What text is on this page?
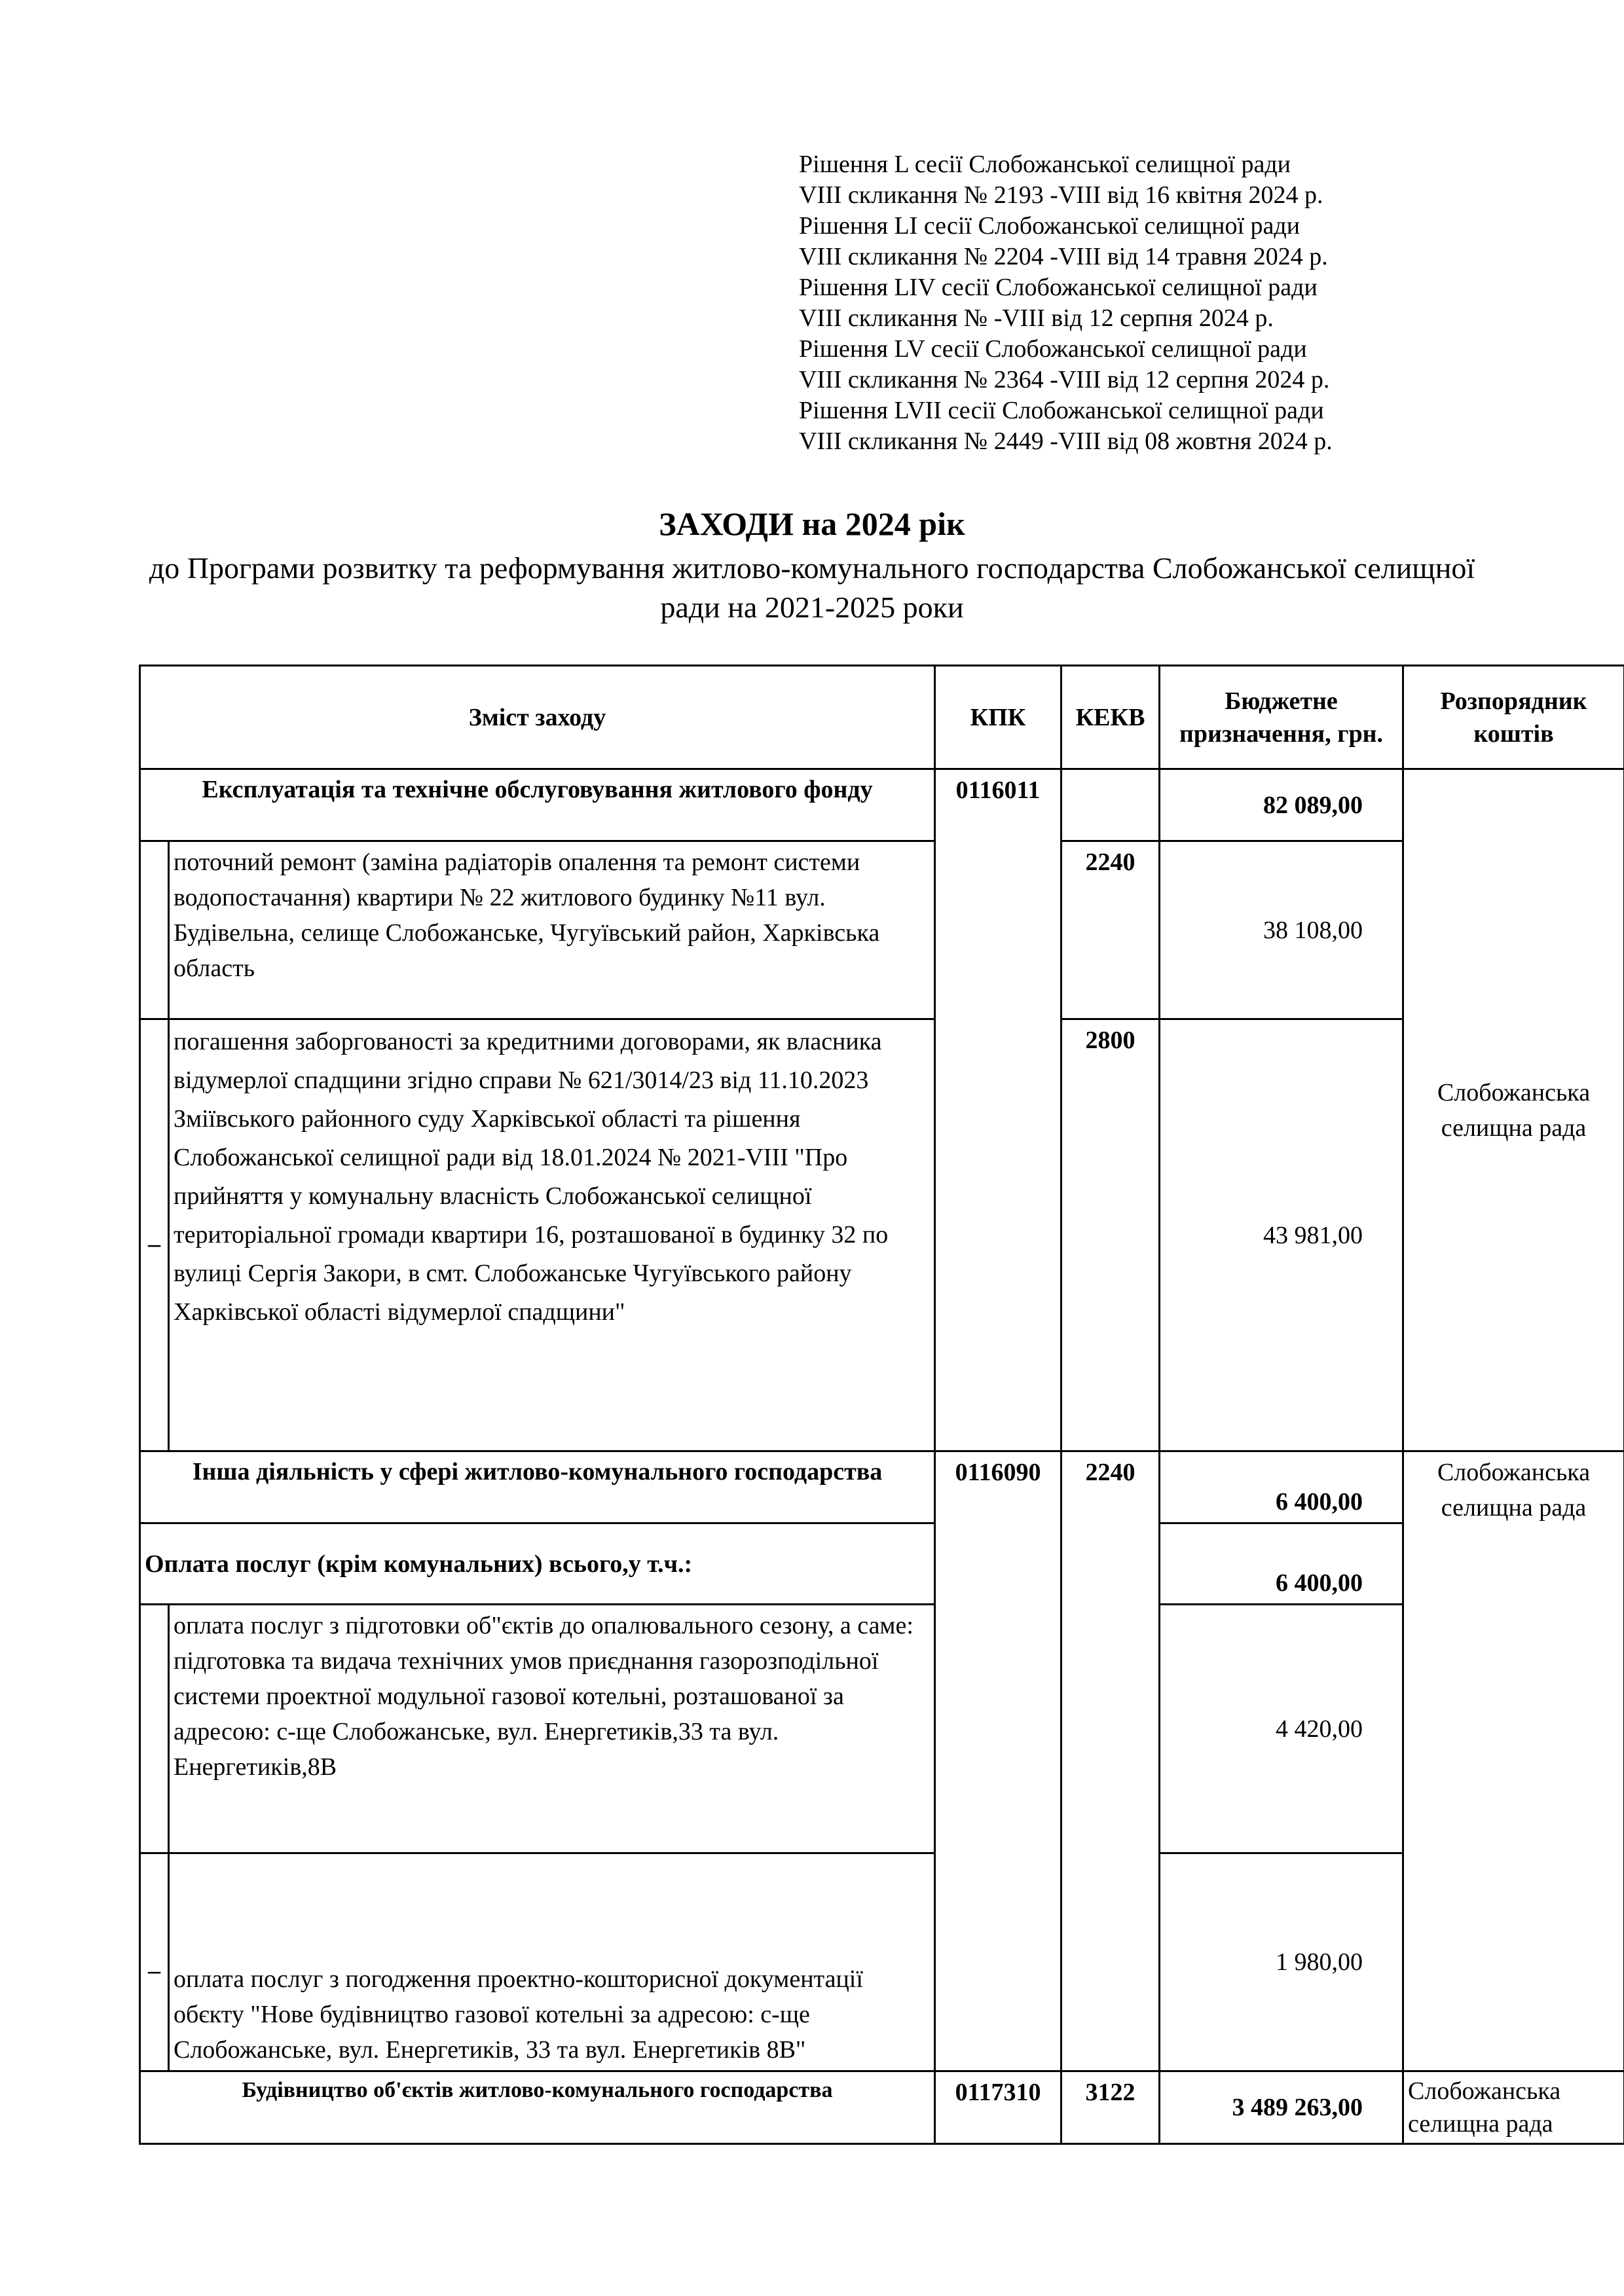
Рішення L сесії Слобожанської селищної ради
VIII скликання № 2193 -VIII від 16 квітня 2024 р.
Рішення LI сесії Слобожанської селищної ради
VIII скликання № 2204 -VIII від 14 травня 2024 р.
Рішення LIV сесії Слобожанської селищної ради
VIII скликання № -VIII від 12 серпня 2024 р.
Рішення LV сесії Слобожанської селищної ради
VIII скликання № 2364 -VIII від 12 серпня 2024 р.
Рішення LVII сесії Слобожанської селищної ради
VIII скликання № 2449 -VIII від 08 жовтня 2024 р.
ЗАХОДИ на 2024 рік
до Програми розвитку та реформування житлово-комунального господарства Слобожанської селищної ради на 2021-2025 роки
Зміст заходу		КПК	КЕКВ	Бюджетне призначення, грн.	Розпорядник коштів
Експлуатація та технічне обслуговування житлового фонду		0116011		82 089,00	Слобожанська селищна рада
	поточний ремонт (заміна радіаторів опалення та ремонт системи водопостачання) квартири № 22 житлового будинку №11 вул. Будівельна, селище Слобожанське, Чугуївський район, Харківська область		2240	38 108,00	
_	погашення заборгованості за кредитними договорами, як власника відумерлої спадщини згідно справи № 621/3014/23 від 11.10.2023 Зміївського районного суду Харківської області та рішення Слобожанської селищної ради від 18.01.2024 № 2021-VIII "Про прийняття у комунальну власність Слобожанської селищної територіальної громади квартири 16, розташованої в будинку 32 по вулиці Сергія Закори, в смт. Слобожанське Чугуївського району Харківської області відумерлої спадщини"		2800	43 981,00	
Інша діяльність у сфері житлово-комунального господарства		0116090	2240	6 400,00	Слобожанська селищна рада
Оплата послуг (крім комунальних) всього,у т.ч.:				6 400,00	
	оплата послуг з підготовки об"єктів до опалювального сезону, а саме: підготовка та видача технічних умов приєднання газорозподільної системи проектної модульної газової котельні, розташованої за адресою: с-ще Слобожанське, вул. Енергетиків,33 та вул. Енергетиків,8В			4 420,00	
_	оплата послуг з погодження проектно-кошторисної документації обєкту "Нове будівництво газової котельні за адресою: с-ще Слобожанське, вул. Енергетиків, 33 та вул. Енергетиків 8В"			1 980,00	
Будівництво об'єктів житлово-комунального господарства		0117310	3122	3 489 263,00	Слобожанська селищна рада
